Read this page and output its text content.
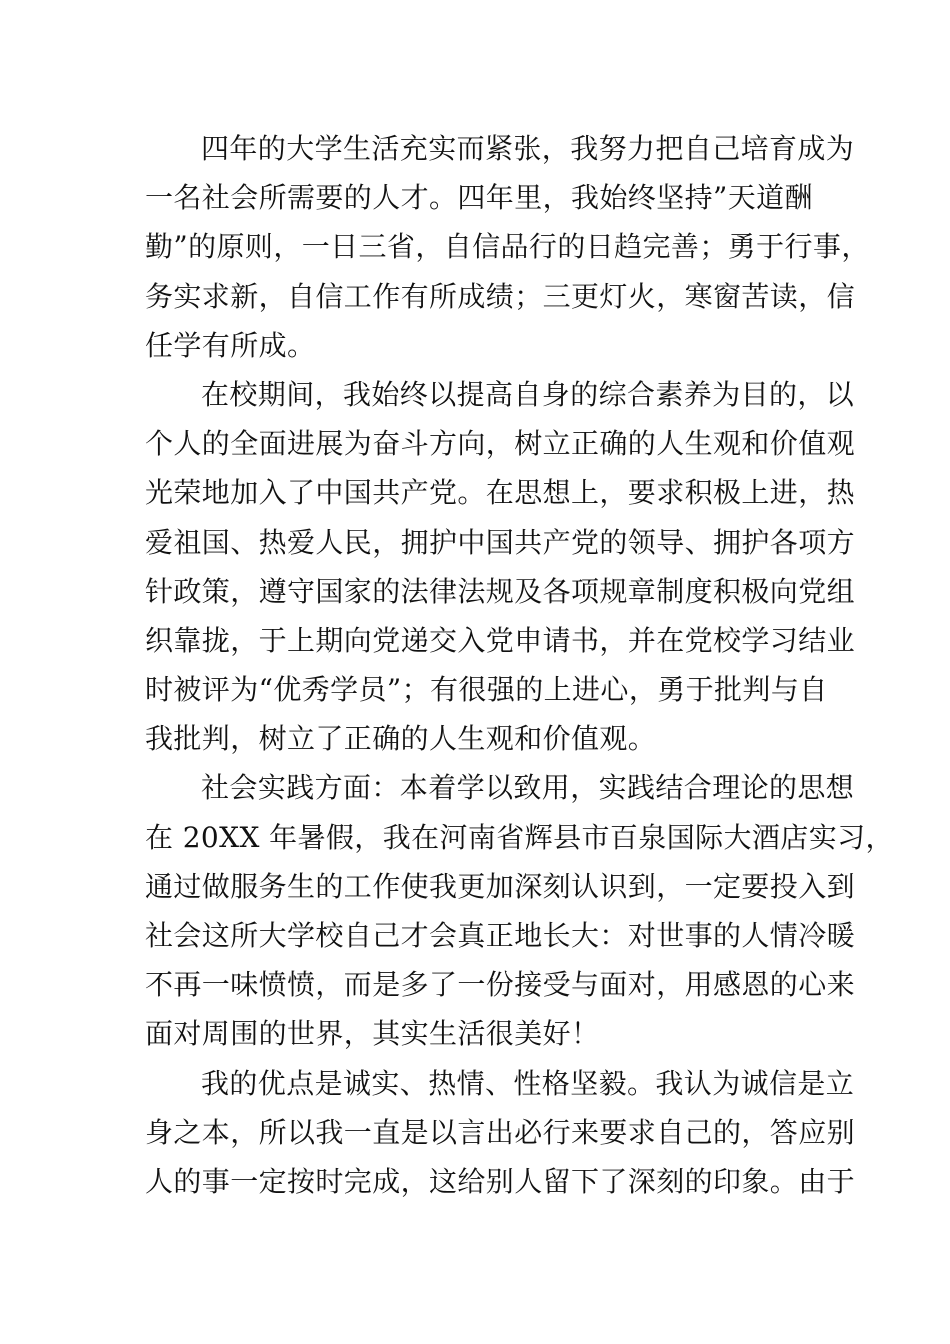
四年的大学生活充实而紧张，我努力把自己培育成为
一名社会所需要的人才。四年里，我始终坚持”天道酬
勤”的原则，一日三省，自信品行的日趋完善；勇于行事，
务实求新，自信工作有所成绩；三更灯火，寒窗苦读，信
任学有所成。
在校期间，我始终以提高自身的综合素养为目的，以
个人的全面进展为奋斗方向，树立正确的人生观和价值观
光荣地加入了中国共产党。在思想上，要求积极上进，热
爱祖国、热爱人民，拥护中国共产党的领导、拥护各项方
针政策，遵守国家的法律法规及各项规章制度积极向党组
织靠拢，于上期向党递交入党申请书，并在党校学习结业
时被评为“优秀学员”；有很强的上进心，勇于批判与自
我批判，树立了正确的人生观和价值观。
社会实践方面：本着学以致用，实践结合理论的思想
在 20XX 年暑假，我在河南省辉县市百泉国际大酒店实习，
通过做服务生的工作使我更加深刻认识到，一定要投入到
社会这所大学校自己才会真正地长大：对世事的人情冷暖
不再一味愤愤，而是多了一份接受与面对，用感恩的心来
面对周围的世界，其实生活很美好！
我的优点是诚实、热情、性格坚毅。我认为诚信是立
身之本，所以我一直是以言出必行来要求自己的，答应别
人的事一定按时完成，这给别人留下了深刻的印象。由于
